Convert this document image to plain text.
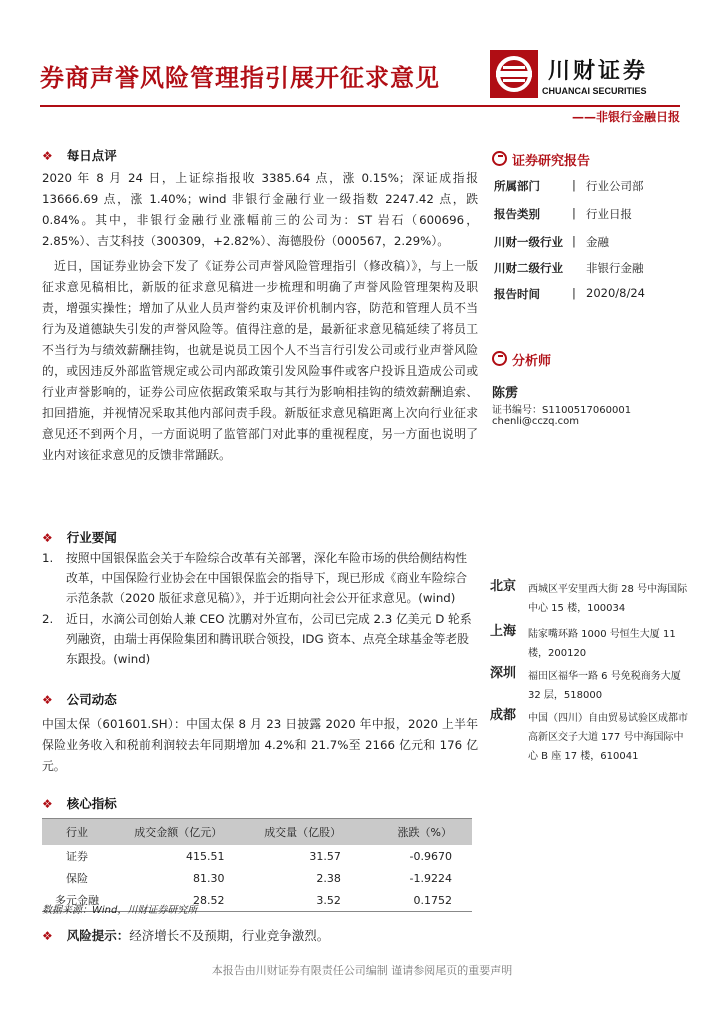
券商声誉风险管理指引展开征求意见	川财证券
CHUANCAI SECURITIES
——非银行金融日报
❖ 每日点评

2020 年 8 月 24 日，上证综指报收 3385.64 点，涨 0.15%；深证成指报 13666.69 点，涨 1.40%；wind 非银行金融行业一级指数 2247.42 点，跌 0.84%。其中，非银行金融行业涨幅前三的公司为：ST 岩石（600696，2.85%）、吉艾科技（300309，+2.82%）、海德股份（000567，2.29%）。

近日，国证券业协会下发了《证券公司声誉风险管理指引（修改稿）》，与上一版征求意见稿相比，新版的征求意见稿进一步梳理和明确了声誉风险管理架构及职责，增强实操性；增加了从业人员声誉约束及评价机制内容，防范和管理人员不当行为及道德缺失引发的声誉风险等。值得注意的是，最新征求意见稿延续了将员工不当行为与绩效薪酬挂钩，也就是说员工因个人不当言行引发公司或行业声誉风险的，或因违反外部监管规定或公司内部政策引发风险事件或客户投诉且造成公司或行业声誉影响的，证券公司应依据政策采取与其行为影响相挂钩的绩效薪酬追索、扣回措施，并视情况采取其他内部问责手段。新版征求意见稿距离上次向行业征求意见还不到两个月，一方面说明了监管部门对此事的重视程度，另一方面也说明了业内对该征求意见的反馈非常踊跃。

❖ 行业要闻
1. 按照中国银保监会关于车险综合改革有关部署，深化车险市场的供给侧结构性改革，中国保险行业协会在中国银保监会的指导下，现已形成《商业车险综合示范条款（2020 版征求意见稿）》，并于近期向社会公开征求意见。(wind)
2. 近日，水滴公司创始人兼 CEO 沈鹏对外宣布，公司已完成 2.3 亿美元 D 轮系列融资，由瑞士再保险集团和腾讯联合领投，IDG 资本、点亮全球基金等老股东跟投。(wind)
❖ 公司动态
中国太保（601601.SH）：中国太保 8 月 23 日披露 2020 年中报，2020 上半年保险业务收入和税前利润较去年同期增加 4.2%和 21.7%至 2166 亿元和 176 亿元。
❖ 核心指标
行业	成交金额（亿元）	成交量（亿股）	涨跌（%）
证券	415.51	31.57	-0.9670
保险	81.30	2.38	-1.9224
多元金融	28.52	3.52	0.1752
数据来源：Wind，川财证券研究所
❖ 风险提示：经济增长不及预期，行业竞争激烈。
证券研究报告
所属部门	| 行业公司部
报告类别	| 行业日报
川财一级行业 | 金融
川财二级行业 非银行金融
报告时间	| 2020/8/24
分析师
陈雳
证书编号：S1100517060001
chenli@cczq.com
北京 西城区平安里西大街 28 号中海国际中心 15 楼，100034
上海 陆家嘴环路 1000 号恒生大厦 11 楼，200120
深圳 福田区福华一路 6 号免税商务大厦 32 层，518000
成都 中国（四川）自由贸易试验区成都市高新区交子大道 177 号中海国际中心 B 座 17 楼，610041
本报告由川财证券有限责任公司编制 谨请参阅尾页的重要声明
